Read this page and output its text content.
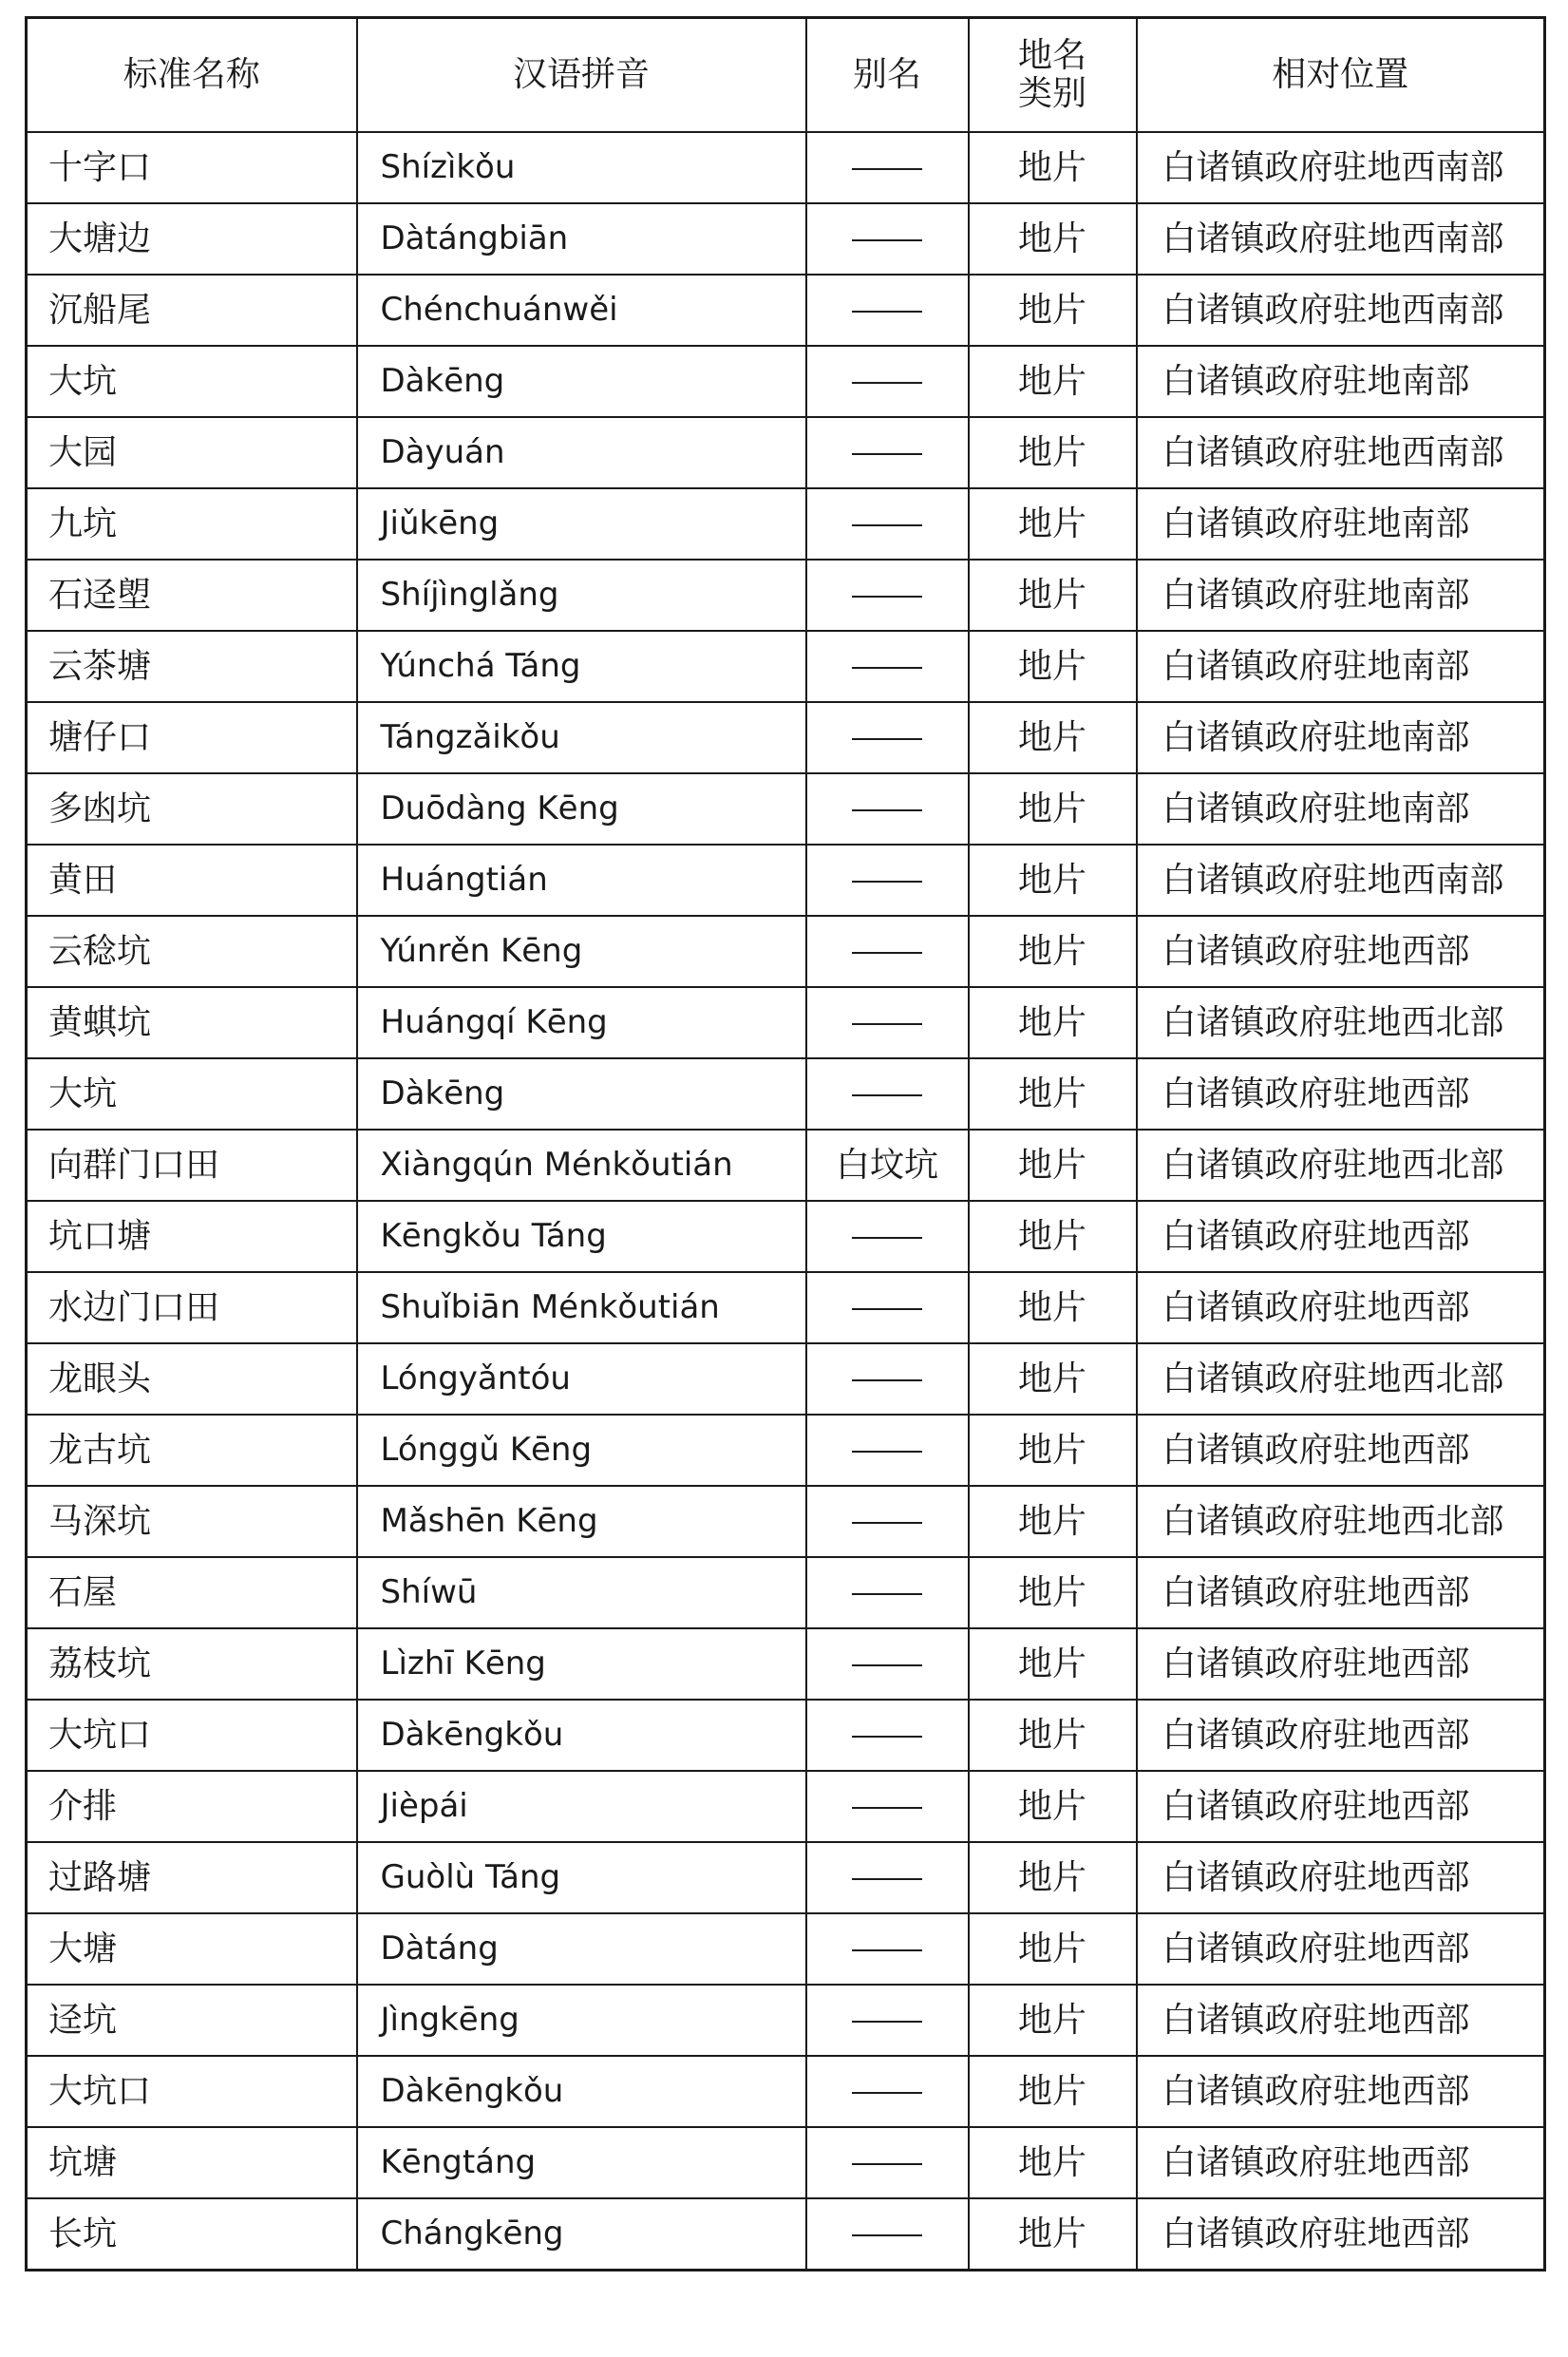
标准名称	汉语拼音	别名	地名类别	相对位置
十字口	Shízìkǒu		地片	白诸镇政府驻地西南部
大塘边	Dàtángbiān		地片	白诸镇政府驻地西南部
沉船尾	Chénchuánwěi		地片	白诸镇政府驻地西南部
大坑	Dàkēng		地片	白诸镇政府驻地南部
大园	Dàyuán		地片	白诸镇政府驻地西南部
九坑	Jiǔkēng		地片	白诸镇政府驻地南部
石迳塱	Shíjìnglǎng		地片	白诸镇政府驻地南部
云茶塘	Yúnchá Táng		地片	白诸镇政府驻地南部
塘仔口	Tángzǎikǒu		地片	白诸镇政府驻地南部
多凼坑	Duōdàng Kēng		地片	白诸镇政府驻地南部
黄田	Huángtián		地片	白诸镇政府驻地西南部
云稔坑	Yúnrěn Kēng		地片	白诸镇政府驻地西部
黄蜞坑	Huángqí Kēng		地片	白诸镇政府驻地西北部
大坑	Dàkēng		地片	白诸镇政府驻地西部
向群门口田	Xiàngqún Ménkǒutián	白坟坑	地片	白诸镇政府驻地西北部
坑口塘	Kēngkǒu Táng		地片	白诸镇政府驻地西部
水边门口田	Shuǐbiān Ménkǒutián		地片	白诸镇政府驻地西部
龙眼头	Lóngyǎntóu		地片	白诸镇政府驻地西北部
龙古坑	Lónggǔ Kēng		地片	白诸镇政府驻地西部
马深坑	Mǎshēn Kēng		地片	白诸镇政府驻地西北部
石屋	Shíwū		地片	白诸镇政府驻地西部
荔枝坑	Lìzhī Kēng		地片	白诸镇政府驻地西部
大坑口	Dàkēngkǒu		地片	白诸镇政府驻地西部
介排	Jièpái		地片	白诸镇政府驻地西部
过路塘	Guòlù Táng		地片	白诸镇政府驻地西部
大塘	Dàtáng		地片	白诸镇政府驻地西部
迳坑	Jìngkēng		地片	白诸镇政府驻地西部
大坑口	Dàkēngkǒu		地片	白诸镇政府驻地西部
坑塘	Kēngtáng		地片	白诸镇政府驻地西部
长坑	Chángkēng		地片	白诸镇政府驻地西部
